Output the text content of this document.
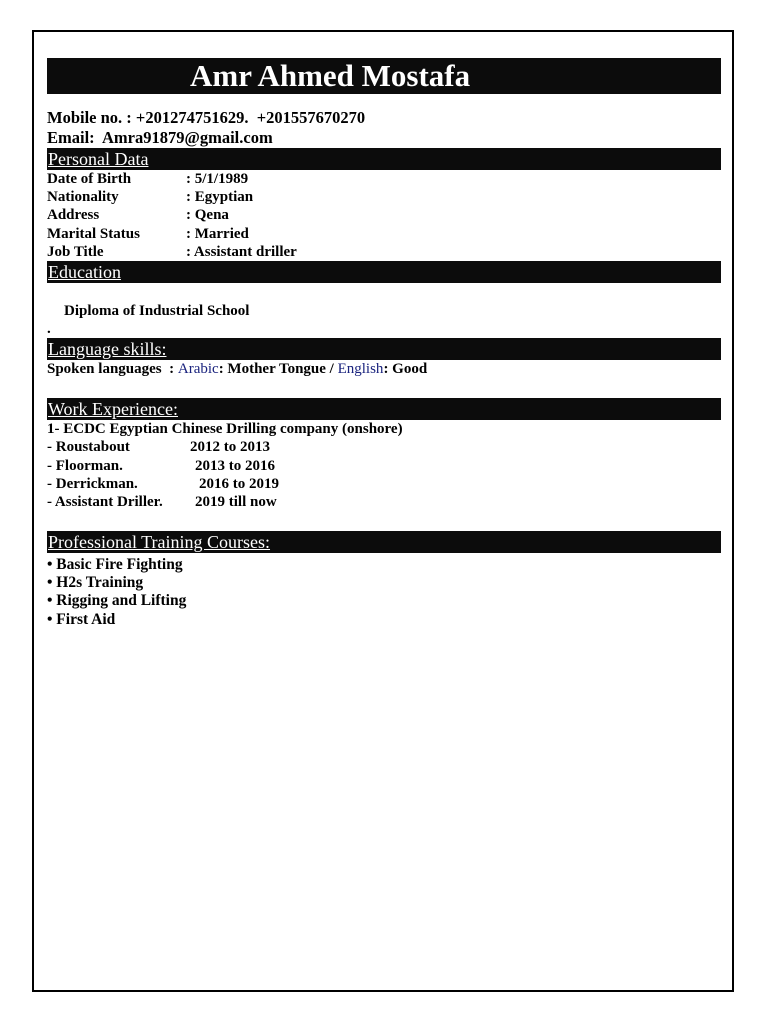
Amr Ahmed Mostafa
Mobile no. : +201274751629.  +201557670270
Email:  Amra91879@gmail.com
Personal Data
Date of Birth	: 5/1/1989
Nationality	: Egyptian
Address	: Qena
Marital Status	: Married
Job Title	: Assistant driller
Education
Diploma of Industrial School
.
Language skills:
Spoken languages  : Arabic: Mother Tongue / English: Good
Work Experience:
1- ECDC Egyptian Chinese Drilling company (onshore)
- Roustabout	2012 to 2013
- Floorman.	2013 to 2016
- Derrickman.	2016 to 2019
- Assistant Driller. 2019 till now
Professional Training Courses:
• Basic Fire Fighting
• H2s Training
• Rigging and Lifting
• First Aid
